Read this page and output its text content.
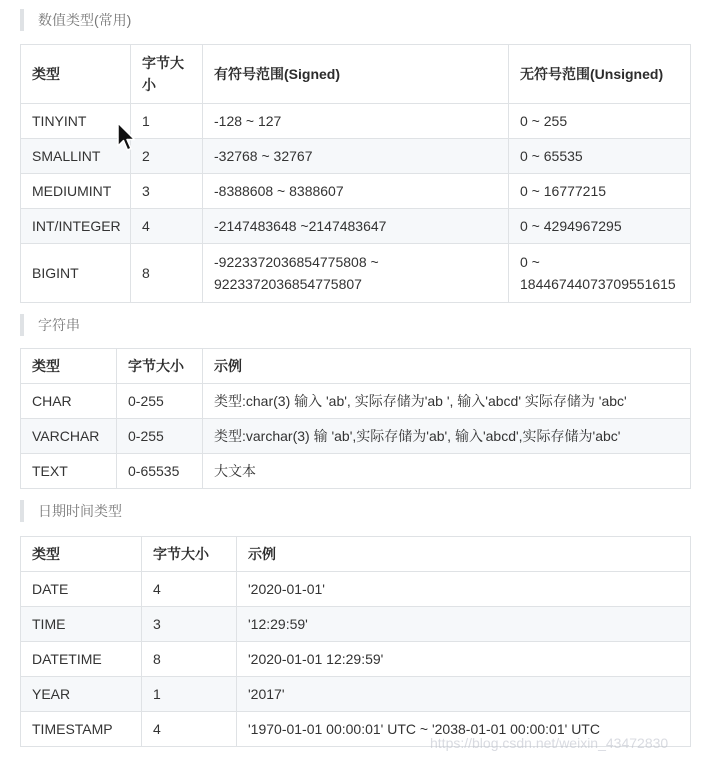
数值类型(常用)
类型	字节大小	有符号范围(Signed)	无符号范围(Unsigned)
TINYINT	1	-128 ~ 127	0 ~ 255
SMALLINT	2	-32768 ~ 32767	0 ~ 65535
MEDIUMINT	3	-8388608 ~ 8388607	0 ~ 16777215
INT/INTEGER	4	-2147483648 ~2147483647	0 ~ 4294967295
BIGINT	8	-9223372036854775808 ~ 9223372036854775807	0 ~ 18446744073709551615
字符串
类型	字节大小	示例
CHAR	0-255	类型:char(3) 输入 'ab', 实际存储为'ab ', 输入'abcd' 实际存储为 'abc'
VARCHAR	0-255	类型:varchar(3) 输 'ab',实际存储为'ab', 输入'abcd',实际存储为'abc'
TEXT	0-65535	大文本
日期时间类型
类型	字节大小	示例
DATE	4	'2020-01-01'
TIME	3	'12:29:59'
DATETIME	8	'2020-01-01 12:29:59'
YEAR	1	'2017'
TIMESTAMP	4	'1970-01-01 00:00:01' UTC ~ '2038-01-01 00:00:01' UTC
https://blog.csdn.net/weixin_43472830
